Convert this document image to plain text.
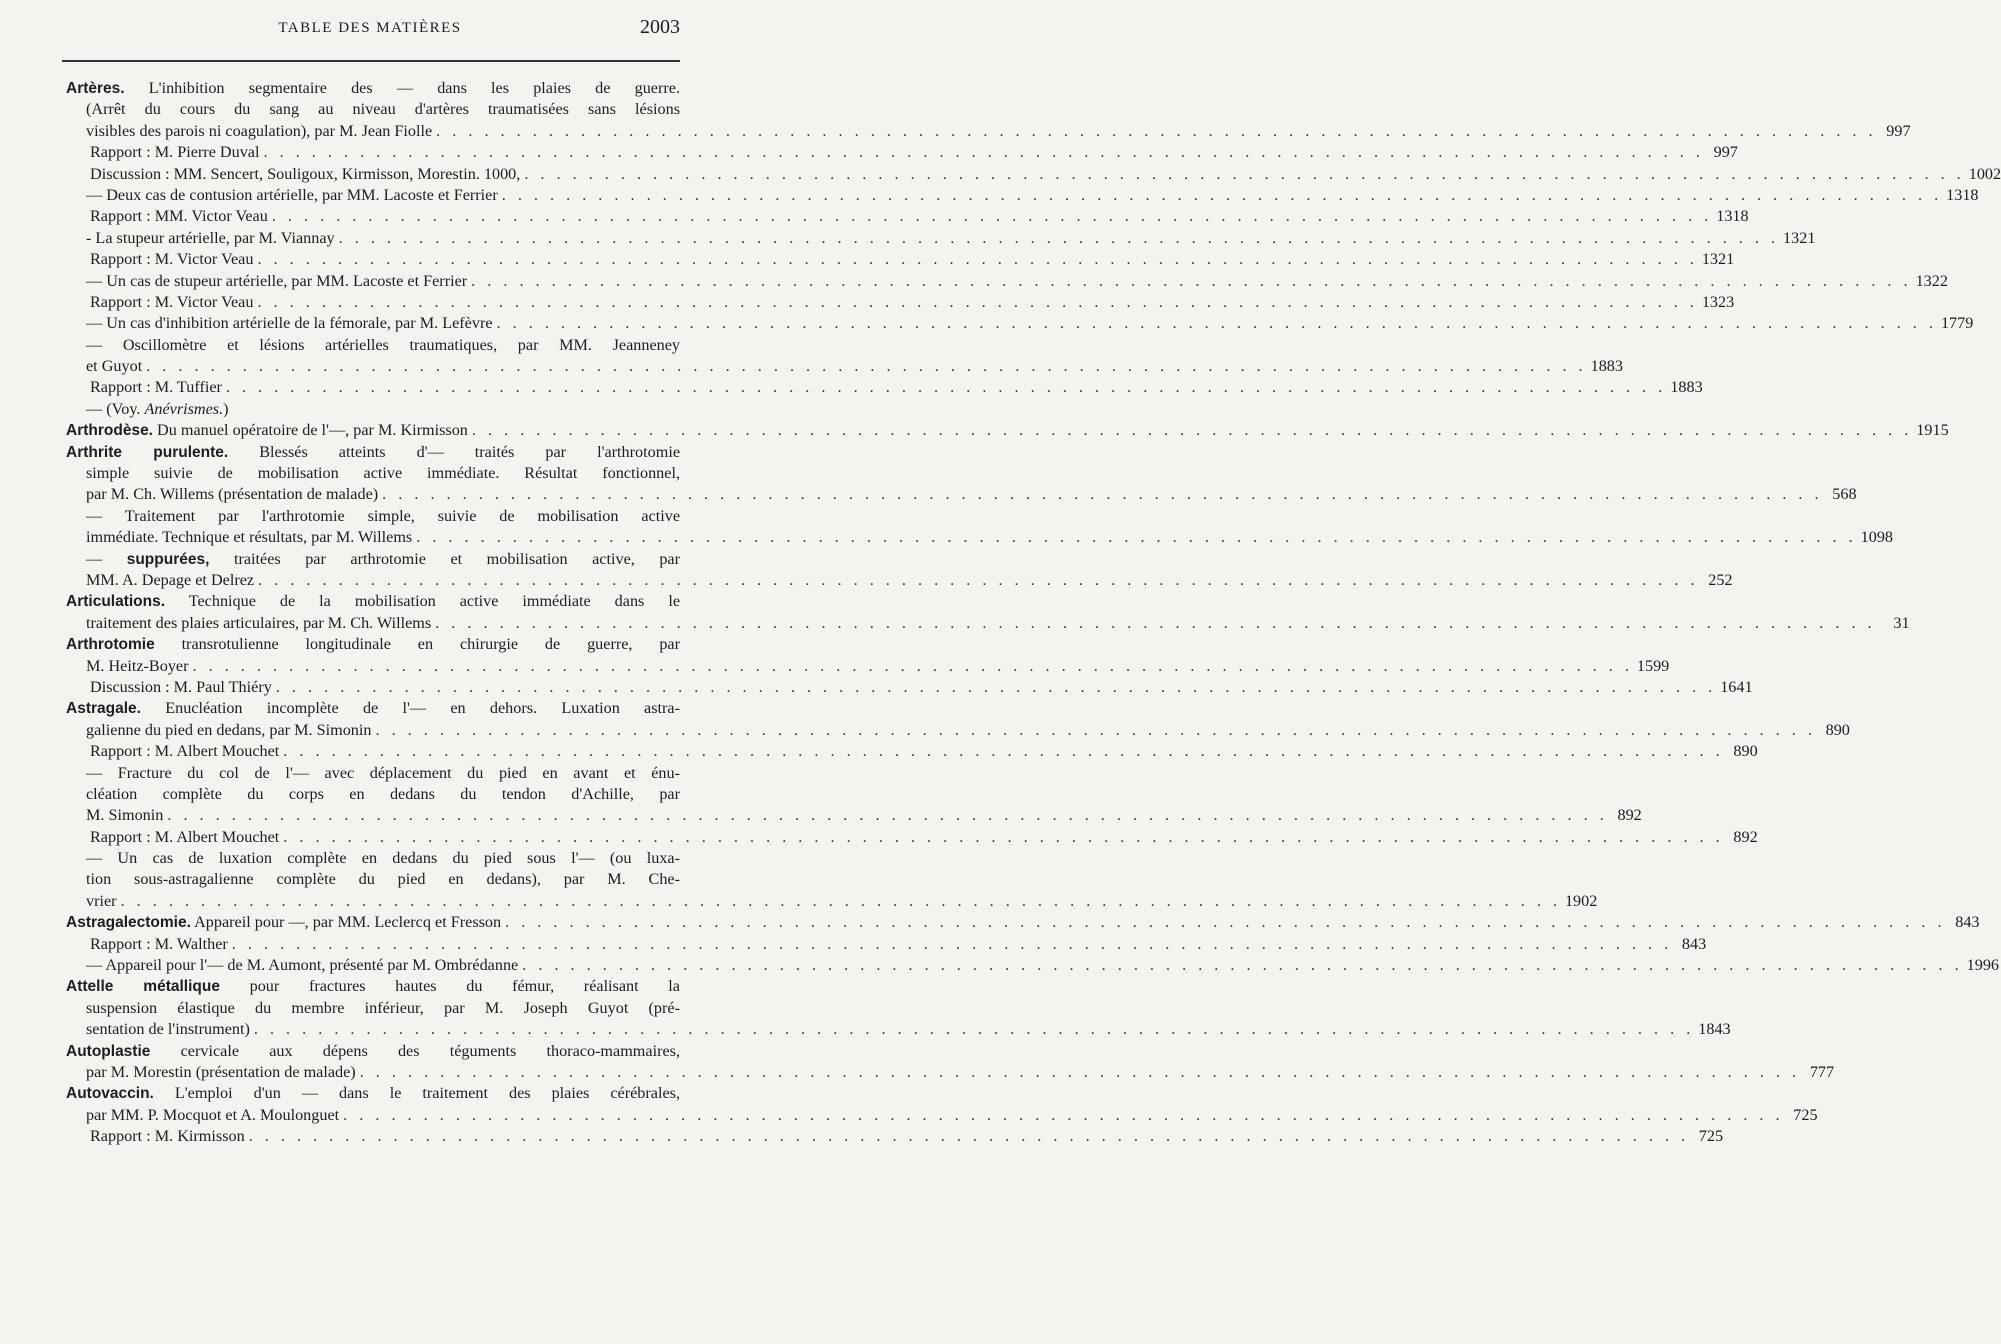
TABLE DES MATIÈRES	2003
Artères. L'inhibition segmentaire des — dans les plaies de guerre.
(Arrêt du cours du sang au niveau d'artères traumatisées sans lésions
visibles des parois ni coagulation), par M. Jean Fiolle . . .	997
Rapport : M. Pierre Duval . . .	997
Discussion : MM. Sencert, Souligoux, Kirmisson, Morestin. 1000, . . .	1002
— Deux cas de contusion artérielle, par MM. Lacoste et Ferrier . . .	1318
Rapport : MM. Victor Veau . . .	1318
- La stupeur artérielle, par M. Viannay . . .	1321
Rapport : M. Victor Veau . . .	1321
— Un cas de stupeur artérielle, par MM. Lacoste et Ferrier . . .	1322
Rapport : M. Victor Veau . . .	1323
— Un cas d'inhibition artérielle de la fémorale, par M. Lefèvre . . .	1779
— Oscillomètre et lésions artérielles traumatiques, par MM. Jeanneney
et Guyot . . .	1883
Rapport : M. Tuffier . . .	1883
— (Voy. Anévrismes.)
Arthrodèse. Du manuel opératoire de l'—, par M. Kirmisson . . .	1915
Arthrite purulente. Blessés atteints d'— traités par l'arthrotomie
simple suivie de mobilisation active immédiate. Résultat fonctionnel,
par M. Ch. Willems (présentation de malade) . . .	568
— Traitement par l'arthrotomie simple, suivie de mobilisation active
immédiate. Technique et résultats, par M. Willems . . .	1098
— suppurées, traitées par arthrotomie et mobilisation active, par
MM. A. Depage et Delrez . . .	252
Articulations. Technique de la mobilisation active immédiate dans le
traitement des plaies articulaires, par M. Ch. Willems . . .	31
Arthrotomie transrotulienne longitudinale en chirurgie de guerre, par
M. Heitz-Boyer . . .	1599
Discussion : M. Paul Thiéry . . .	1641
Astragale. Enucléation incomplète de l'— en dehors. Luxation astra-
galienne du pied en dedans, par M. Simonin . . .	890
Rapport : M. Albert Mouchet . . .	890
— Fracture du col de l'— avec déplacement du pied en avant et énu-
cléation complète du corps en dedans du tendon d'Achille, par
M. Simonin . . .	892
Rapport : M. Albert Mouchet . . .	892
— Un cas de luxation complète en dedans du pied sous l'— (ou luxa-
tion sous-astragalienne complète du pied en dedans), par M. Che-
vrier . . .	1902
Astragalectomie. Appareil pour —, par MM. Leclercq et Fresson . . .	843
Rapport : M. Walther . . .	843
— Appareil pour l'— de M. Aumont, présenté par M. Ombrédanne . . .	1996
Attelle métallique pour fractures hautes du fémur, réalisant la
suspension élastique du membre inférieur, par M. Joseph Guyot (pré-
sentation de l'instrument) . . .	1843
Autoplastie cervicale aux dépens des téguments thoraco-mammaires,
par M. Morestin (présentation de malade) . . .	777
Autovaccin. L'emploi d'un — dans le traitement des plaies cérébrales,
par MM. P. Mocquot et A. Moulonguet . . .	725
Rapport : M. Kirmisson . . .	725
